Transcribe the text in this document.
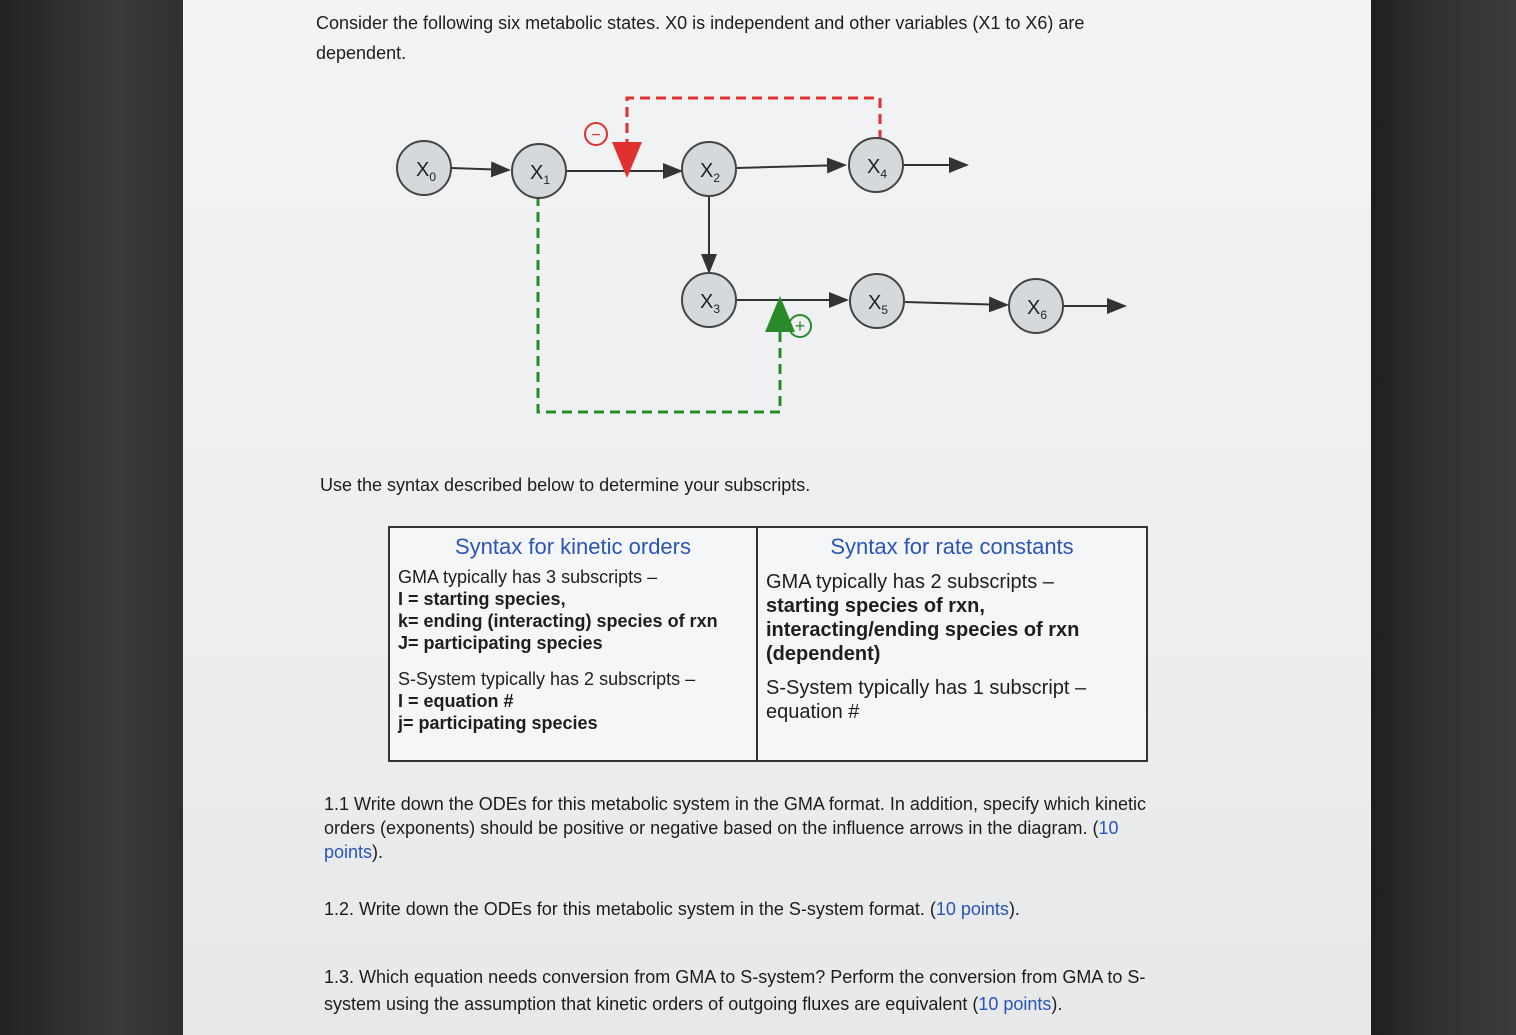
Consider the following six metabolic states. X0 is independent and other variables (X1 to X6) are
dependent.
−
+
$X_0$	$X_1$	$X_2$	$X_4$
$X_3$	$X_5$	$X_6$
Use the syntax described below to determine your subscripts.
Syntax for kinetic orders
GMA typically has 3 subscripts –
I = starting species,
k= ending (interacting) species of rxn
J= participating species
S-System typically has 2 subscripts –
I = equation #
j= participating species

Syntax for rate constants
GMA typically has 2 subscripts –
starting species of rxn,
interacting/ending species of rxn
(dependent)
S-System typically has 1 subscript –
equation #
1.1 Write down the ODEs for this metabolic system in the GMA format. In addition, specify which kinetic
orders (exponents) should be positive or negative based on the influence arrows in the diagram. (10
points).
1.2. Write down the ODEs for this metabolic system in the S-system format. (10 points).
1.3. Which equation needs conversion from GMA to S-system? Perform the conversion from GMA to S-
system using the assumption that kinetic orders of outgoing fluxes are equivalent (10 points).
